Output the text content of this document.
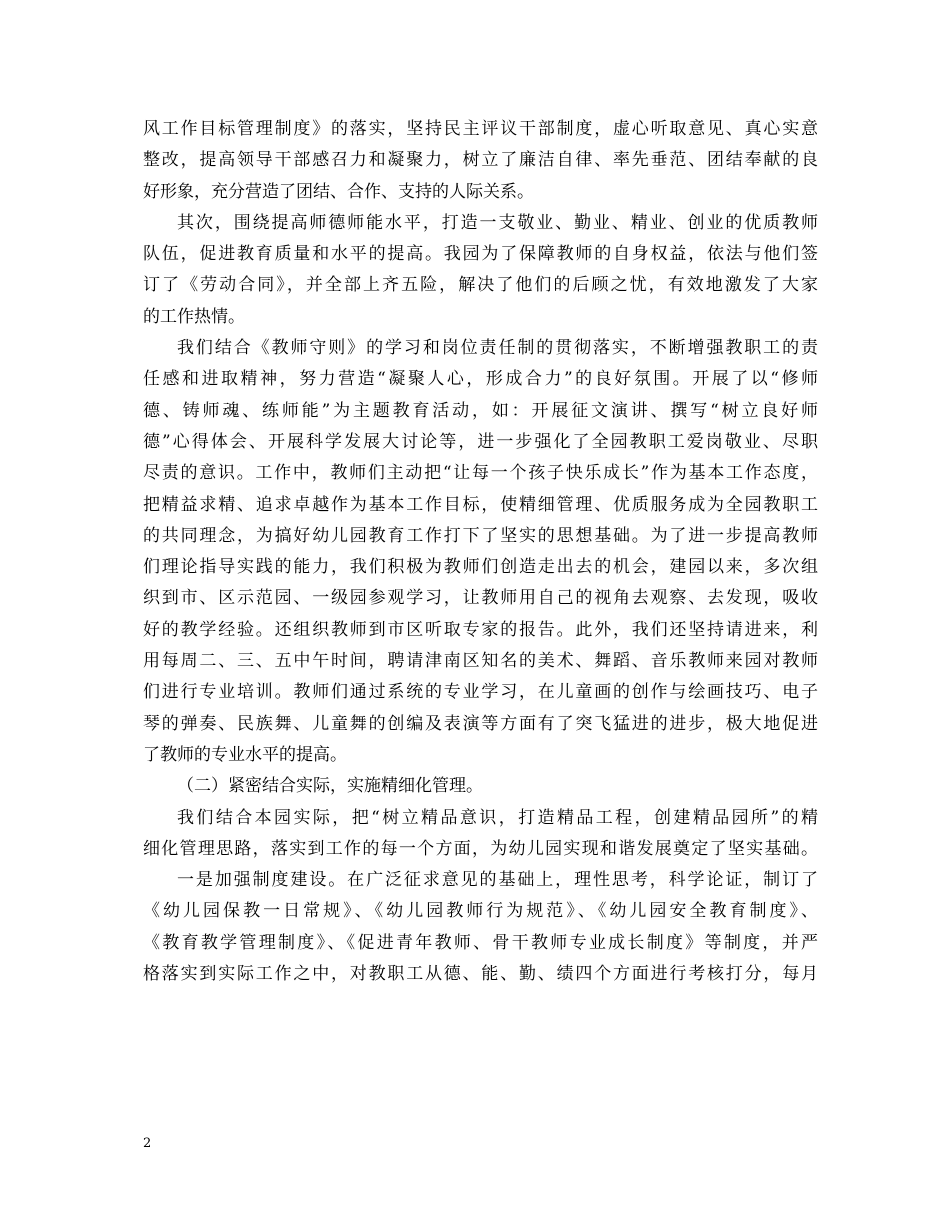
风工作目标管理制度》的落实，坚持民主评议干部制度，虚心听取意见、真心实意
整改，提高领导干部感召力和凝聚力，树立了廉洁自律、率先垂范、团结奉献的良
好形象，充分营造了团结、合作、支持的人际关系。
其次，围绕提高师德师能水平，打造一支敬业、勤业、精业、创业的优质教师
队伍，促进教育质量和水平的提高。我园为了保障教师的自身权益，依法与他们签
订了《劳动合同》，并全部上齐五险，解决了他们的后顾之忧，有效地激发了大家
的工作热情。
我们结合《教师守则》的学习和岗位责任制的贯彻落实，不断增强教职工的责
任感和进取精神，努力营造“凝聚人心，形成合力”的良好氛围。开展了以“修师
德、铸师魂、练师能”为主题教育活动，如：开展征文演讲、撰写“树立良好师
德”心得体会、开展科学发展大讨论等，进一步强化了全园教职工爱岗敬业、尽职
尽责的意识。工作中，教师们主动把“让每一个孩子快乐成长”作为基本工作态度，
把精益求精、追求卓越作为基本工作目标，使精细管理、优质服务成为全园教职工
的共同理念，为搞好幼儿园教育工作打下了坚实的思想基础。为了进一步提高教师
们理论指导实践的能力，我们积极为教师们创造走出去的机会，建园以来，多次组
织到市、区示范园、一级园参观学习，让教师用自己的视角去观察、去发现，吸收
好的教学经验。还组织教师到市区听取专家的报告。此外，我们还坚持请进来，利
用每周二、三、五中午时间，聘请津南区知名的美术、舞蹈、音乐教师来园对教师
们进行专业培训。教师们通过系统的专业学习，在儿童画的创作与绘画技巧、电子
琴的弹奏、民族舞、儿童舞的创编及表演等方面有了突飞猛进的进步，极大地促进
了教师的专业水平的提高。
（二）紧密结合实际，实施精细化管理。
我们结合本园实际，把“树立精品意识，打造精品工程，创建精品园所”的精
细化管理思路，落实到工作的每一个方面，为幼儿园实现和谐发展奠定了坚实基础。
一是加强制度建设。在广泛征求意见的基础上，理性思考，科学论证，制订了
《幼儿园保教一日常规》、《幼儿园教师行为规范》、《幼儿园安全教育制度》、
《教育教学管理制度》、《促进青年教师、骨干教师专业成长制度》等制度，并严
格落实到实际工作之中，对教职工从德、能、勤、绩四个方面进行考核打分，每月
2
